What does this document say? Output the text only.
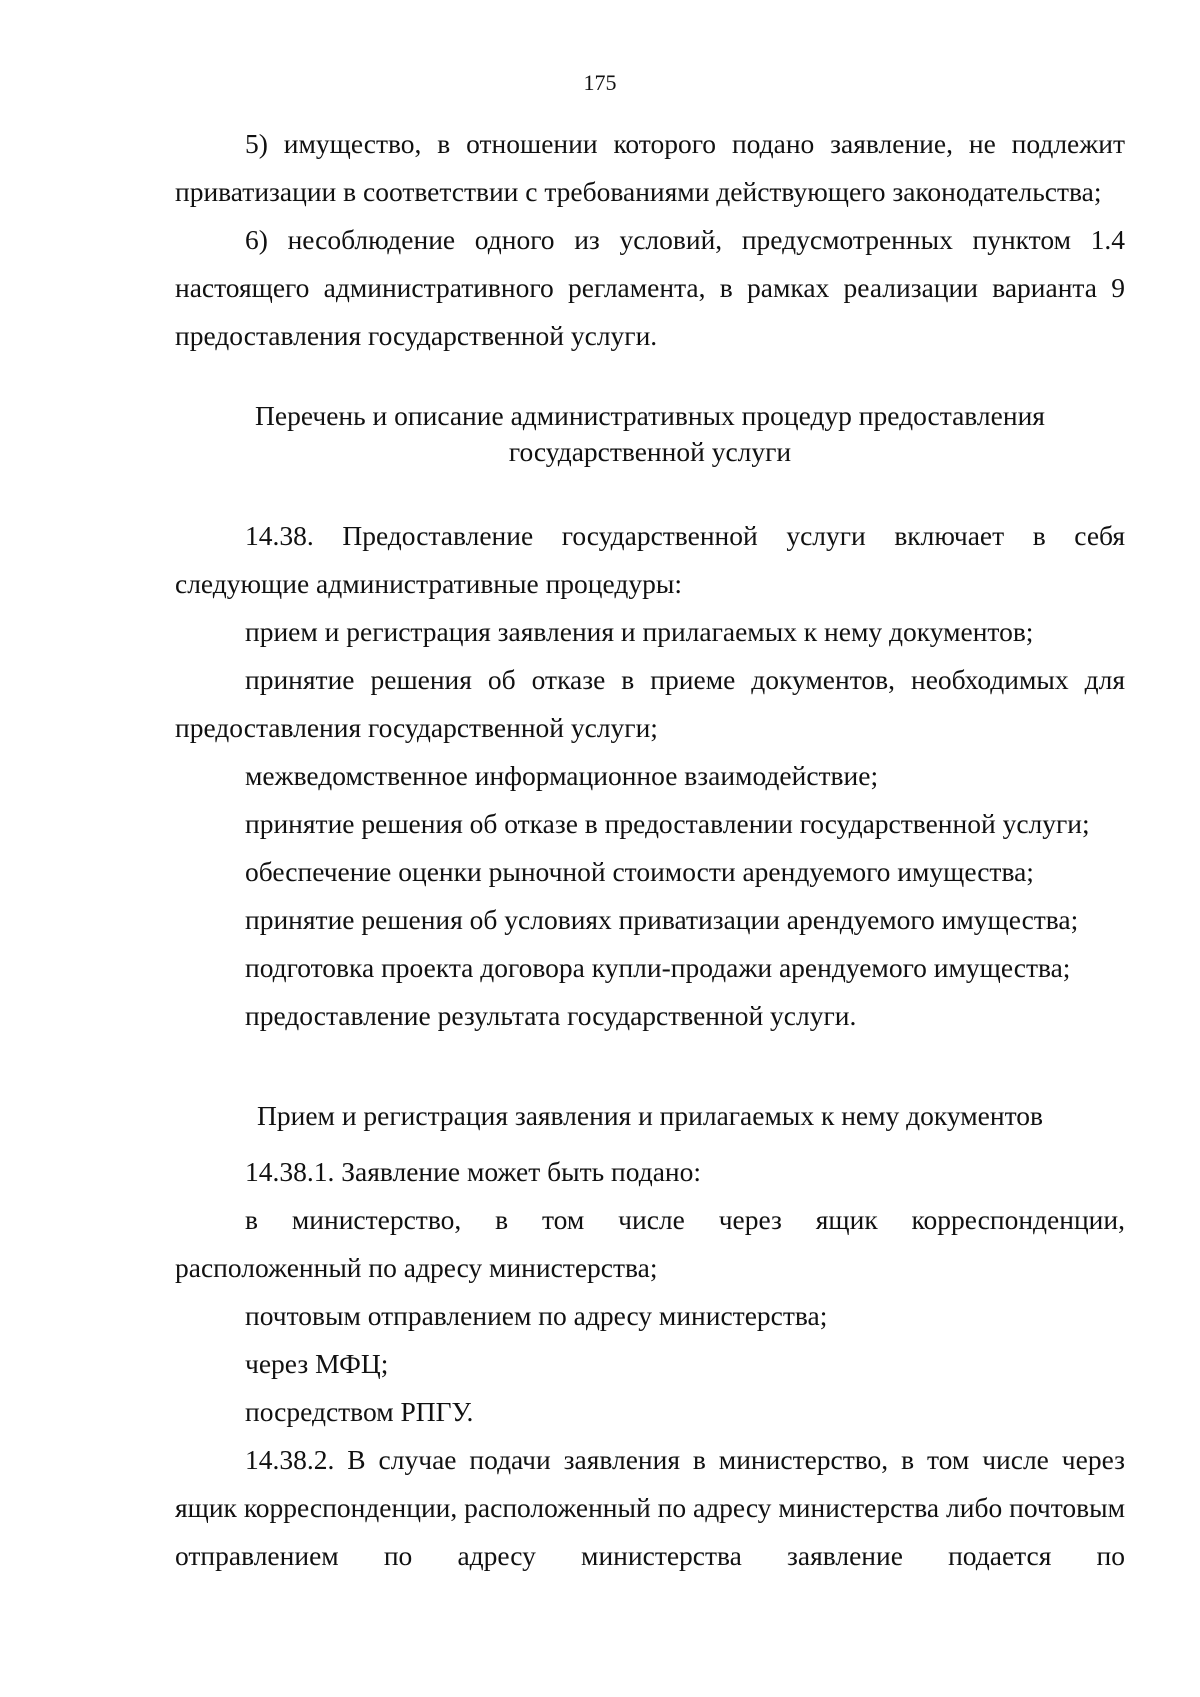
175

5) имущество, в отношении которого подано заявление, не подлежит приватизации в соответствии с требованиями действующего законодательства;

6) несоблюдение одного из условий, предусмотренных пунктом 1.4 настоящего административного регламента, в рамках реализации варианта 9 предоставления государственной услуги.

Перечень и описание административных процедур предоставления
государственной услуги

14.38. Предоставление государственной услуги включает в себя следующие административные процедуры:

прием и регистрация заявления и прилагаемых к нему документов;

принятие решения об отказе в приеме документов, необходимых для предоставления государственной услуги;

межведомственное информационное взаимодействие;

принятие решения об отказе в предоставлении государственной услуги;

обеспечение оценки рыночной стоимости арендуемого имущества;

принятие решения об условиях приватизации арендуемого имущества;

подготовка проекта договора купли-продажи арендуемого имущества;

предоставление результата государственной услуги.

Прием и регистрация заявления и прилагаемых к нему документов

14.38.1. Заявление может быть подано:

в министерство, в том числе через ящик корреспонденции, расположенный по адресу министерства;

почтовым отправлением по адресу министерства;

через МФЦ;

посредством РПГУ.

14.38.2. В случае подачи заявления в министерство, в том числе через ящик корреспонденции, расположенный по адресу министерства либо почтовым отправлением по адресу министерства заявление подается по
